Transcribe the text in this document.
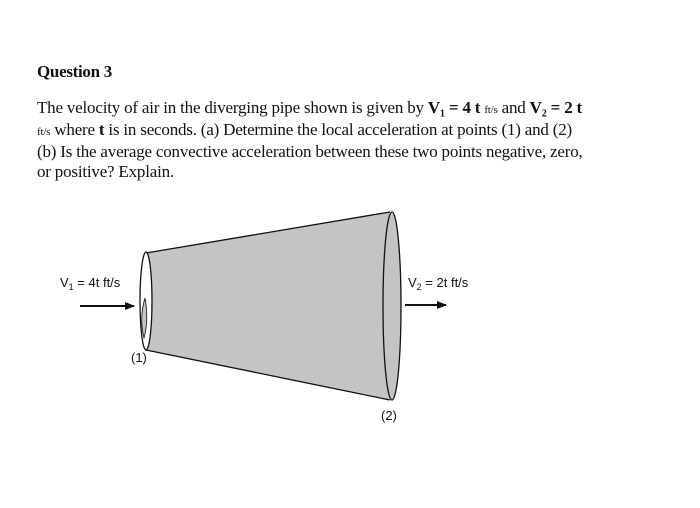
Question 3
The velocity of air in the diverging pipe shown is given by V₁ = 4 t ft/s and V₂ = 2 t
ft/s where t is in seconds. (a) Determine the local acceleration at points (1) and (2)
(b) Is the average convective acceleration between these two points negative, zero,
or positive? Explain.
$V_1 = 4t$ ft/s	$V_2 = 2t$ ft/s
(1)
(2)
